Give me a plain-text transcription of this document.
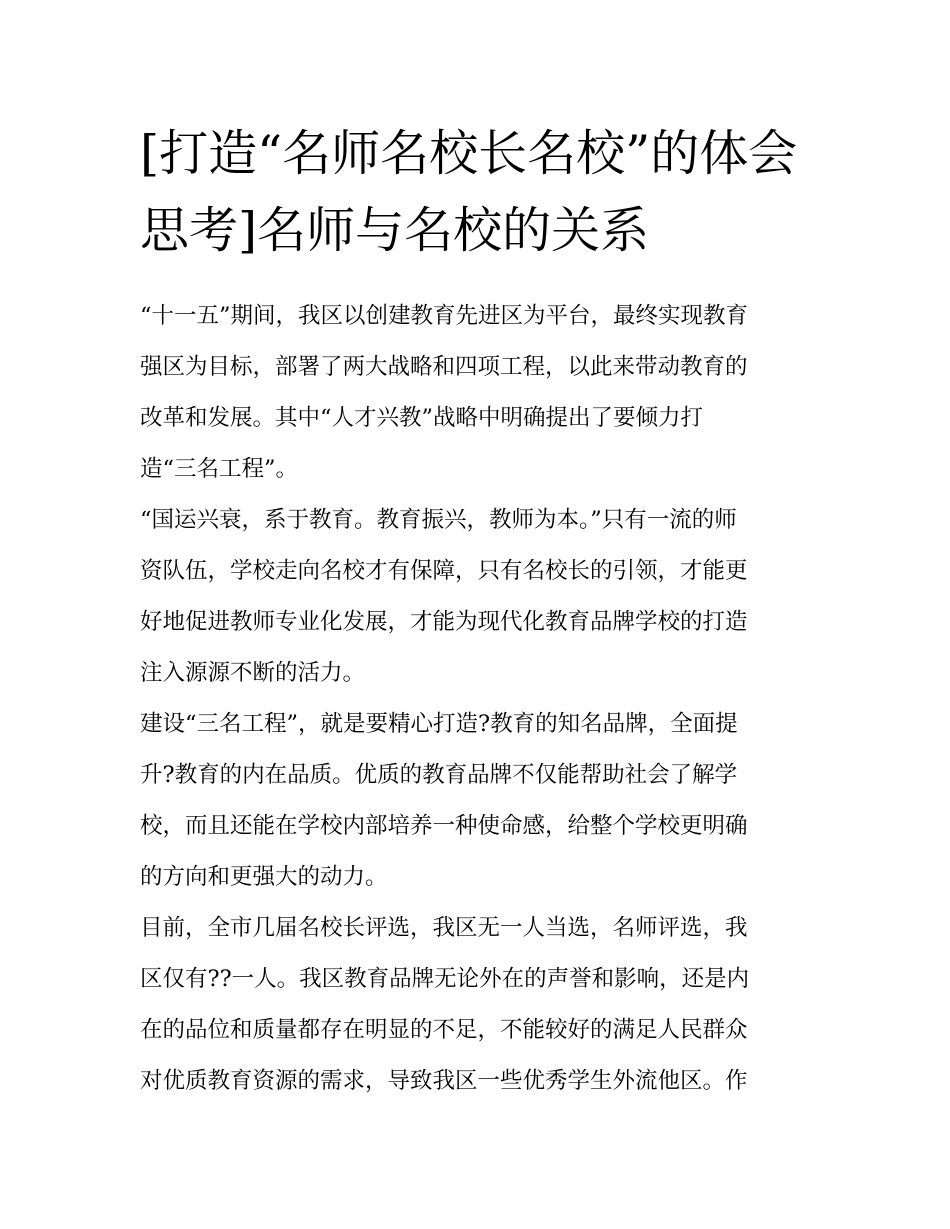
[打造“名师名校长名校”的体会
思考]名师与名校的关系

“十一五”期间，我区以创建教育先进区为平台，最终实现教育
强区为目标，部署了两大战略和四项工程，以此来带动教育的
改革和发展。其中“人才兴教”战略中明确提出了要倾力打
造“三名工程”。

“国运兴衰，系于教育。教育振兴，教师为本。”只有一流的师
资队伍，学校走向名校才有保障，只有名校长的引领，才能更
好地促进教师专业化发展，才能为现代化教育品牌学校的打造
注入源源不断的活力。

建设“三名工程”，就是要精心打造?教育的知名品牌，全面提
升?教育的内在品质。优质的教育品牌不仅能帮助社会了解学
校，而且还能在学校内部培养一种使命感，给整个学校更明确
的方向和更强大的动力。

目前，全市几届名校长评选，我区无一人当选，名师评选，我
区仅有??一人。我区教育品牌无论外在的声誉和影响，还是内
在的品位和质量都存在明显的不足，不能较好的满足人民群众
对优质教育资源的需求，导致我区一些优秀学生外流他区。作
